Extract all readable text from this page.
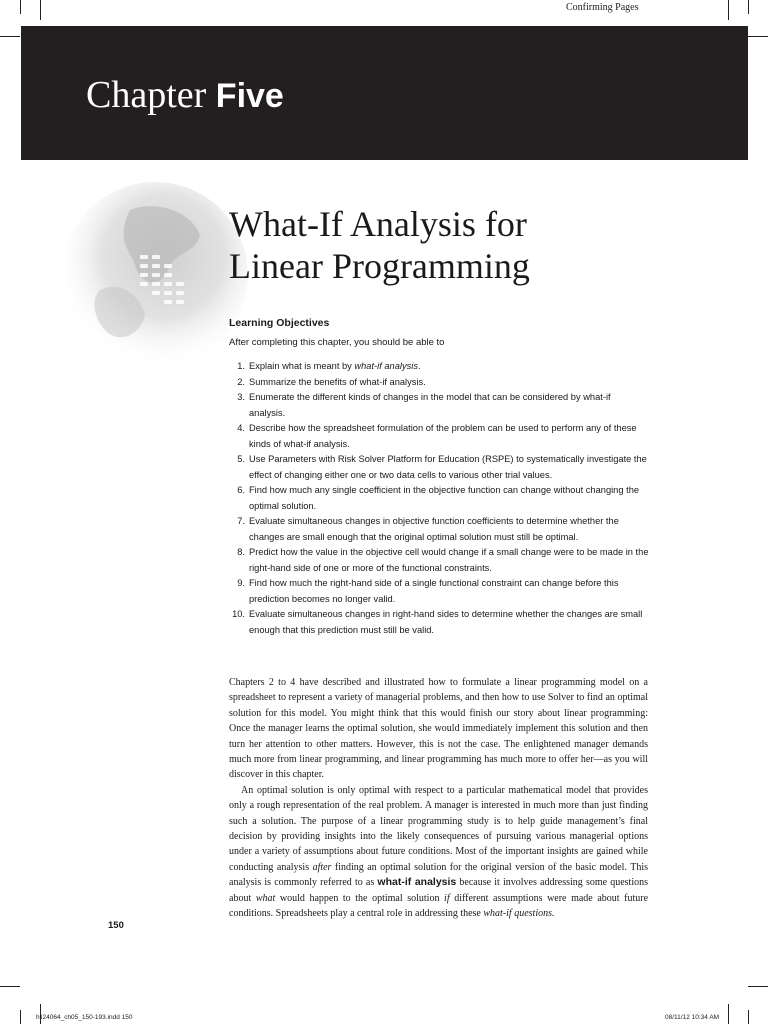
Confirming Pages
Chapter Five
What-If Analysis for
Linear Programming
Learning Objectives
After completing this chapter, you should be able to
1. Explain what is meant by what-if analysis.
2. Summarize the benefits of what-if analysis.
3. Enumerate the different kinds of changes in the model that can be considered by what-if analysis.
4. Describe how the spreadsheet formulation of the problem can be used to perform any of these kinds of what-if analysis.
5. Use Parameters with Risk Solver Platform for Education (RSPE) to systematically investigate the effect of changing either one or two data cells to various other trial values.
6. Find how much any single coefficient in the objective function can change without changing the optimal solution.
7. Evaluate simultaneous changes in objective function coefficients to determine whether the changes are small enough that the original optimal solution must still be optimal.
8. Predict how the value in the objective cell would change if a small change were to be made in the right-hand side of one or more of the functional constraints.
9. Find how much the right-hand side of a single functional constraint can change before this prediction becomes no longer valid.
10. Evaluate simultaneous changes in right-hand sides to determine whether the changes are small enough that this prediction must still be valid.

Chapters 2 to 4 have described and illustrated how to formulate a linear programming model on a spreadsheet to represent a variety of managerial problems, and then how to use Solver to find an optimal solution for this model. You might think that this would finish our story about linear programming: Once the manager learns the optimal solution, she would immediately implement this solution and then turn her attention to other matters. However, this is not the case. The enlightened manager demands much more from linear programming, and linear programming has much more to offer her—as you will discover in this chapter.

An optimal solution is only optimal with respect to a particular mathematical model that provides only a rough representation of the real problem. A manager is interested in much more than just finding such a solution. The purpose of a linear programming study is to help guide management’s final decision by providing insights into the likely consequences of pursuing various managerial options under a variety of assumptions about future conditions. Most of the important insights are gained while conducting analysis after finding an optimal solution for the original version of the basic model. This analysis is commonly referred to as what-if analysis because it involves addressing some questions about what would happen to the optimal solution if different assumptions were made about future conditions. Spreadsheets play a central role in addressing these what-if questions.

150
hil24064_ch05_150-193.indd 150	08/11/12 10:34 AM
